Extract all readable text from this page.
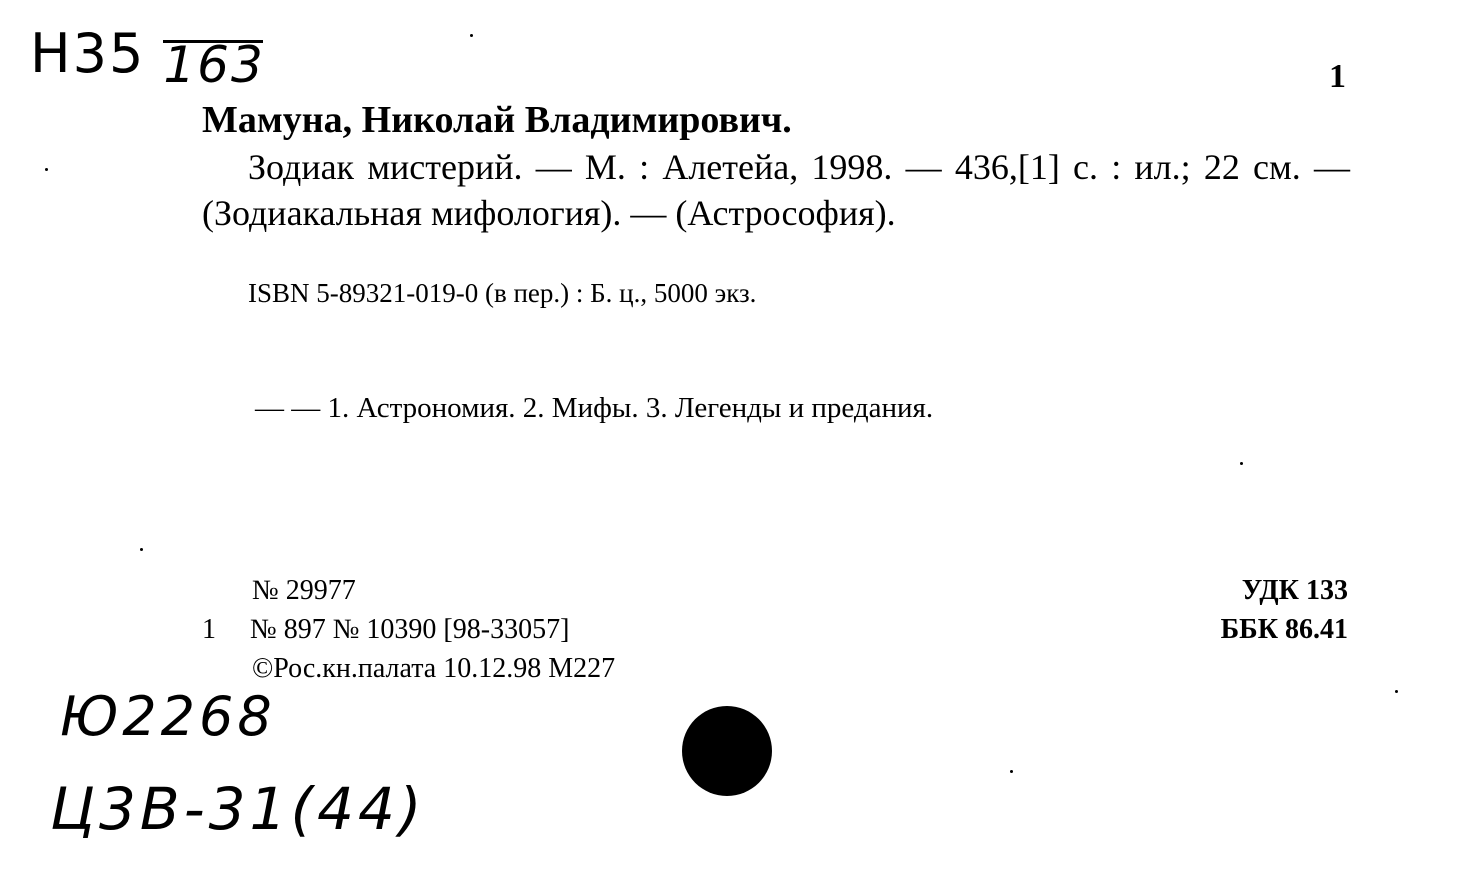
Н35 163	1
Мамуна, Николай Владимирович.
Зодиак мистерий. — М. : Алетейа, 1998. — 436,[1] с. : ил.; 22 см. — (Зодиакальная мифология). — (Астрософия).
ISBN 5-89321-019-0 (в пер.) : Б. ц., 5000 экз.
— — 1. Астрономия. 2. Мифы. 3. Легенды и предания.
№ 29977
1 № 897 № 10390 [98-33057]
©Рос.кн.палата 10.12.98 М227
УДК 133
ББК 86.41
Ю2268
Ц3В-31(44)
